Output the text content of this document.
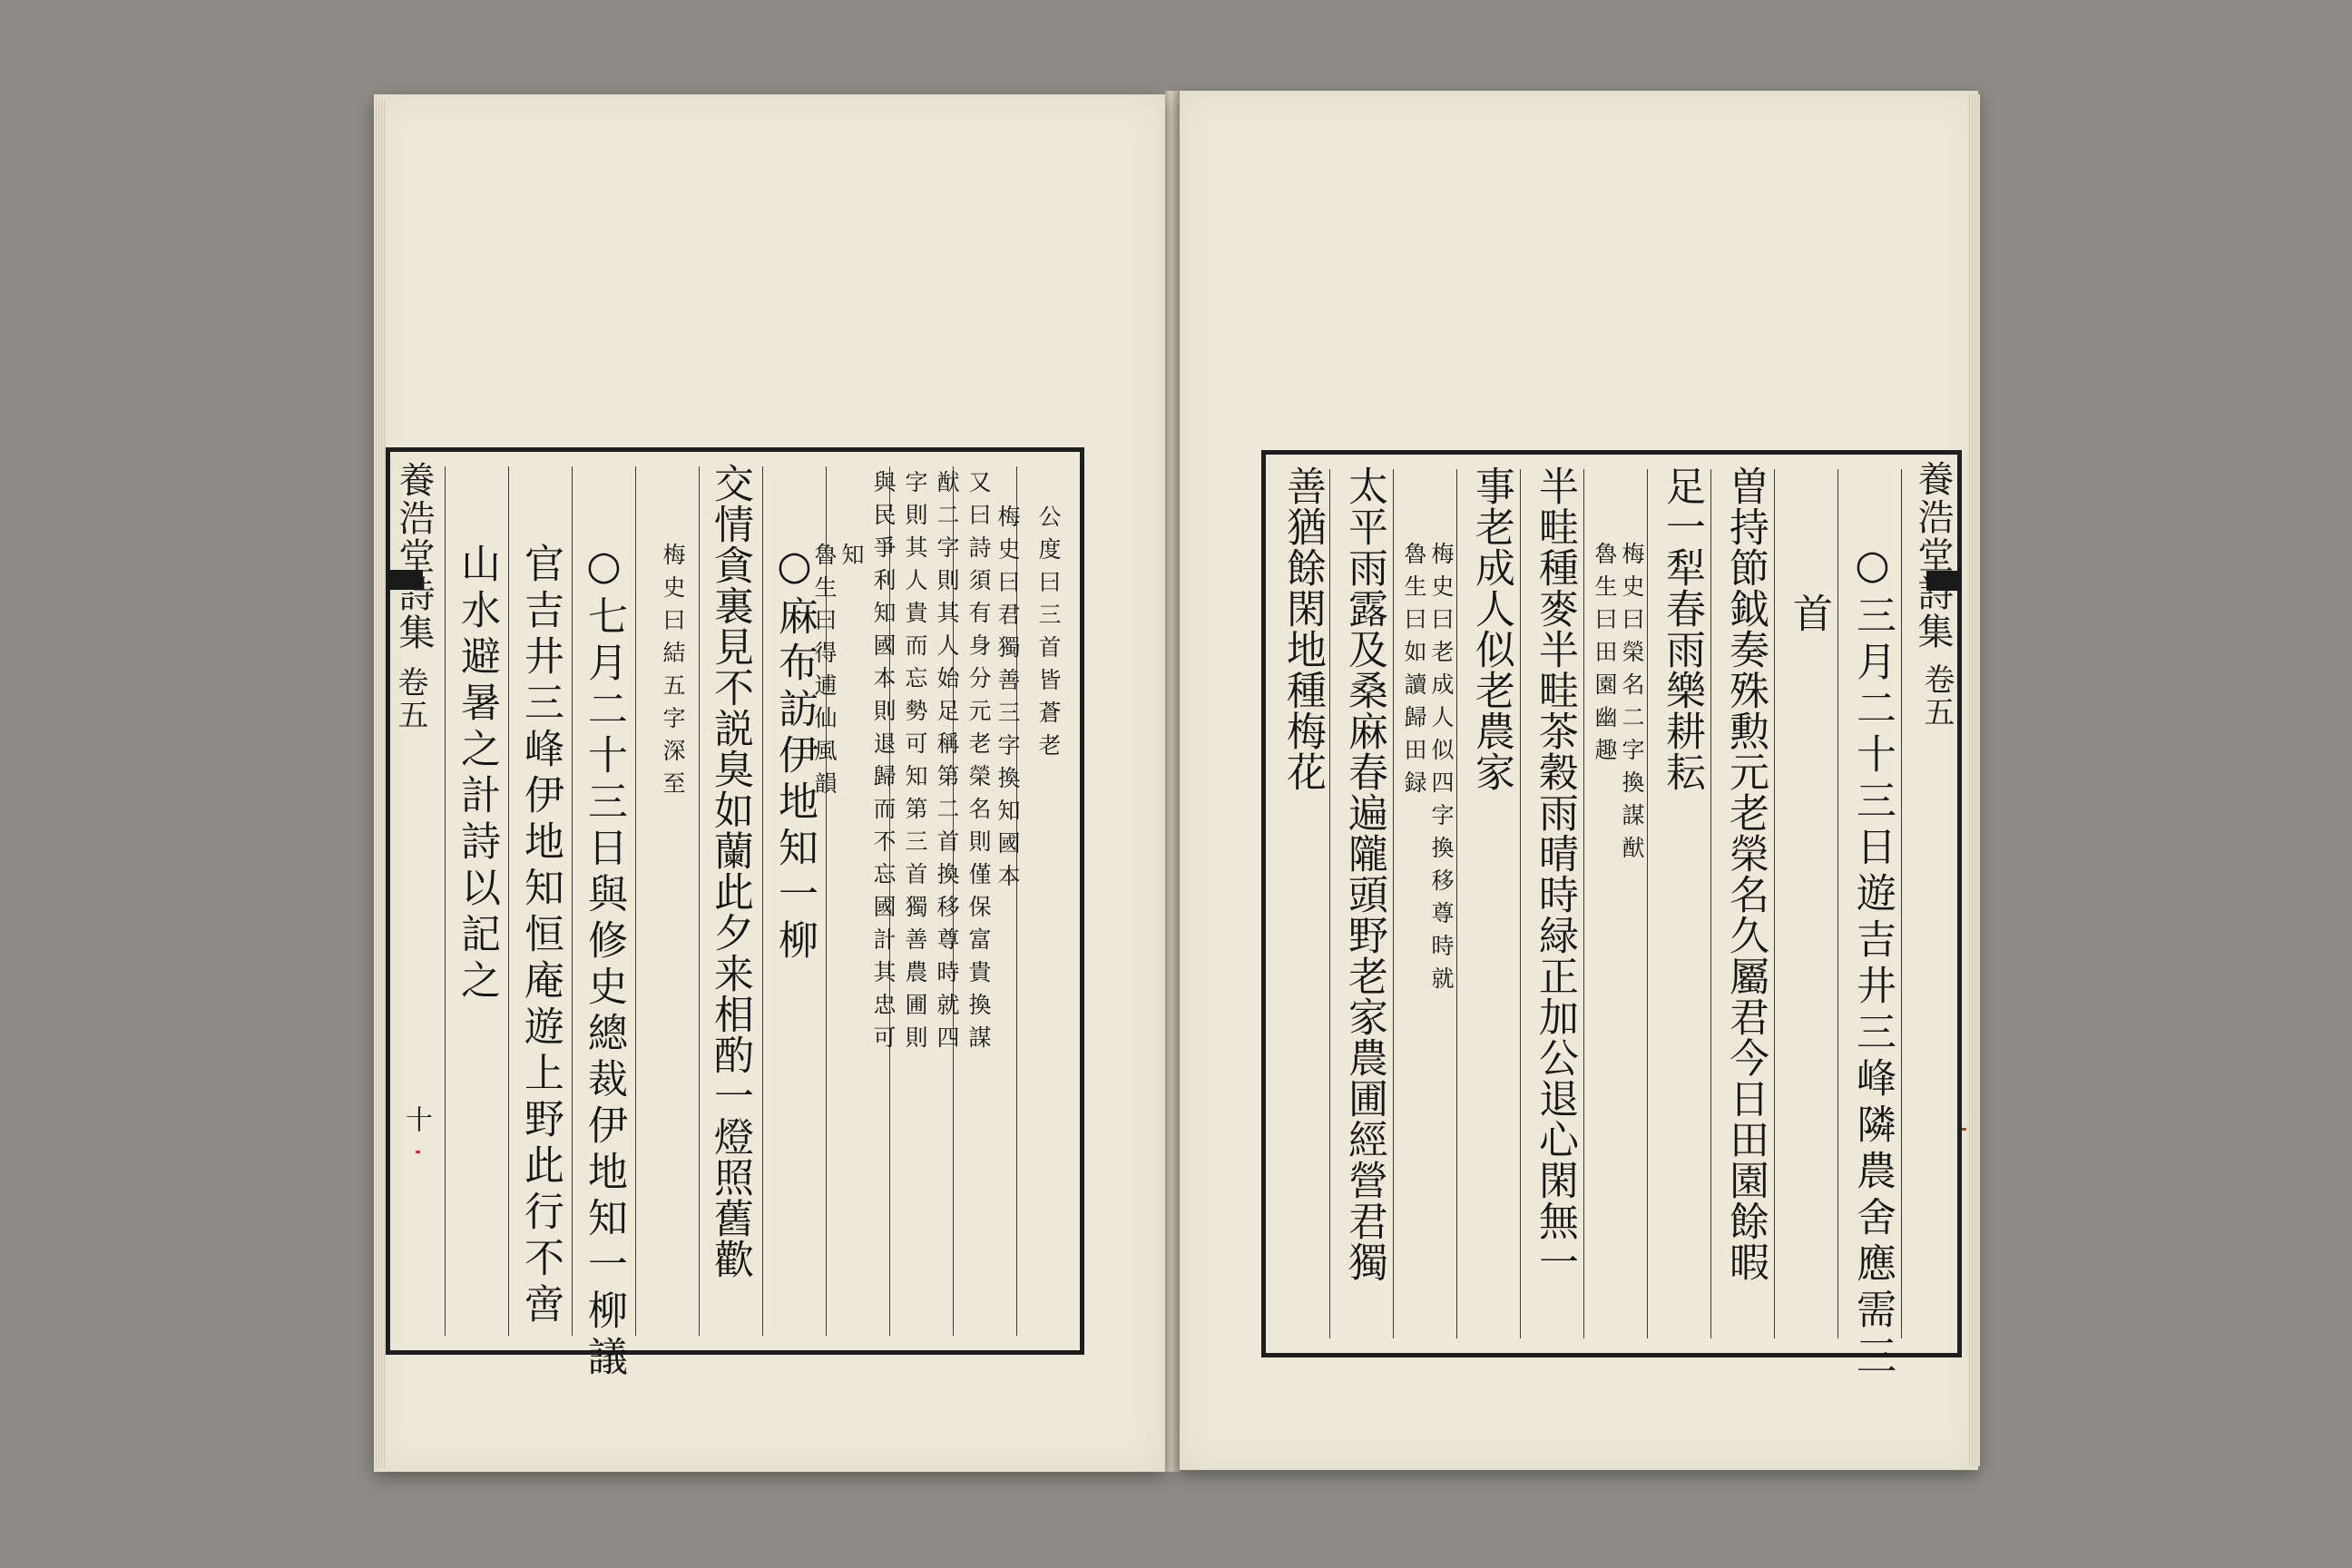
養浩堂詩集
卷五
十
公度曰三首皆蒼老
梅史曰君獨善三字換知國本
又曰詩須有身分元老榮名則僅保富貴換謀
猷二字則其人始足稱第二首換移尊時就四
字則其人貴而忘勢可知第三首獨善農圃則
與民爭利知國本則退歸而不忘國計其忠可
知
魯生曰得逋仙風韻
○麻布訪伊地知一柳
交情貪裏見不説臭如蘭此夕来相酌一燈照舊歡
梅史曰結五字深至
○七月二十三日與修史總裁伊地知一柳議
官吉井三峰伊地知恒庵遊上野此行不啻
山水避暑之計詩以記之	養浩堂詩集
卷五
○三月二十三日遊吉井三峰隣農舍應需三
首
曽持節鉞奏殊勲元老榮名久屬君今日田園餘暇
足一犁春雨樂耕耘
梅史曰榮名二字換謀猷
魯生曰田園幽趣
半畦種麥半畦茶穀雨晴時緑正加公退心閑無一
事老成人似老農家
梅史曰老成人似四字換移尊時就
魯生曰如讀歸田録
太平雨露及桑麻春遍隴頭野老家農圃經營君獨
善猶餘閑地種梅花
